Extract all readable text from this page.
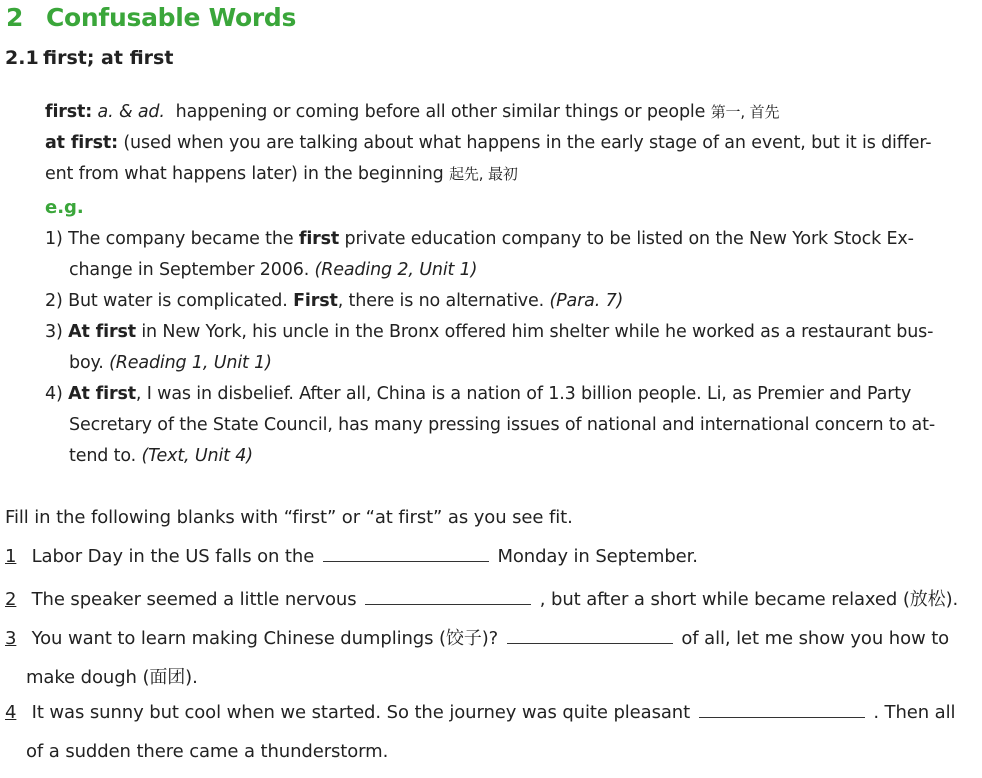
2 Confusable Words
2.1 first; at first
first: a. & ad. happening or coming before all other similar things or people 第一, 首先
at first: (used when you are talking about what happens in the early stage of an event, but it is differ-
ent from what happens later) in the beginning 起先, 最初
e.g.
1) The company became the first private education company to be listed on the New York Stock Ex-
change in September 2006. (Reading 2, Unit 1)
2) But water is complicated. First, there is no alternative. (Para. 7)
3) At first in New York, his uncle in the Bronx offered him shelter while he worked as a restaurant bus-
boy. (Reading 1, Unit 1)
4) At first, I was in disbelief. After all, China is a nation of 1.3 billion people. Li, as Premier and Party
Secretary of the State Council, has many pressing issues of national and international concern to at-
tend to. (Text, Unit 4)
Fill in the following blanks with “first” or “at first” as you see fit.
1 Labor Day in the US falls on the	Monday in September.
2 The speaker seemed a little nervous	, but after a short while became relaxed (放松).
3 You want to learn making Chinese dumplings (饺子)?	of all, let me show you how to
make dough (面团).
4 It was sunny but cool when we started. So the journey was quite pleasant	. Then all
of a sudden there came a thunderstorm.
